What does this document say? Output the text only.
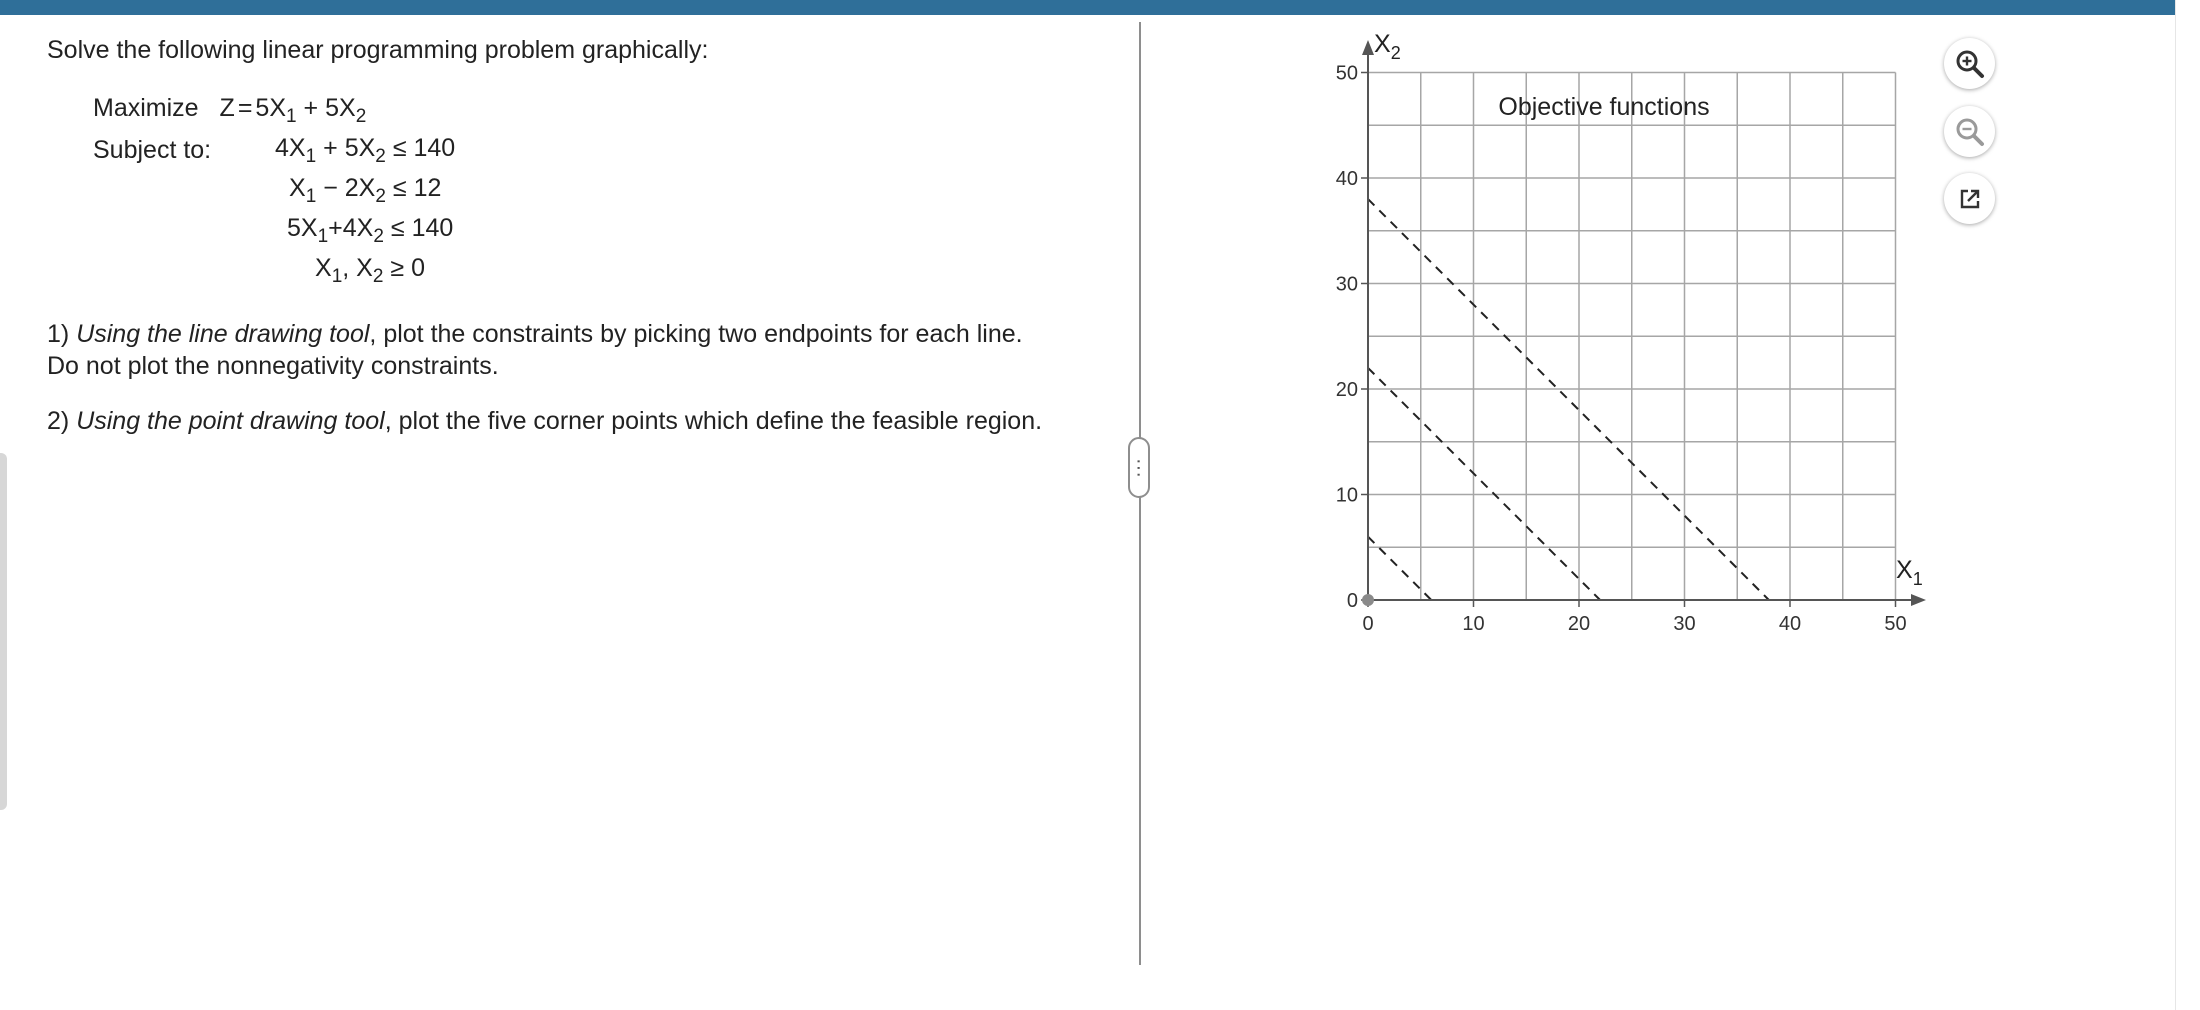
Solve the following linear programming problem graphically:
Maximize $Z = 5X_1 + 5X_2$
Subject to:	$4X_1 + 5X_2 \le 140$
$X_1 - 2X_2 \le 12$
$5X_1+4X_2 \le 140$
$X_1$, $X_2 \ge 0$
1) Using the line drawing tool, plot the constraints by picking two endpoints for each line.
Do not plot the nonnegativity constraints.
2) Using the point drawing tool, plot the five corner points which define the feasible region.
···
0	10	20	30	40	50
0
10
20
30
40
50
$X_1$
$X_2$
Objective functions
